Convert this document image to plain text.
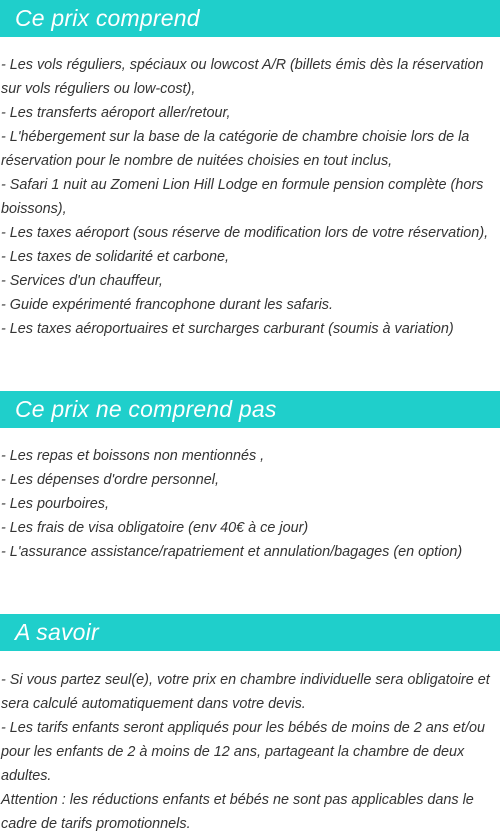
Ce prix comprend
- Les vols réguliers, spéciaux ou lowcost A/R (billets émis dès la réservation sur vols réguliers ou low-cost),
- Les transferts aéroport aller/retour,
- L'hébergement sur la base de la catégorie de chambre choisie lors de la réservation pour le nombre de nuitées choisies en tout inclus,
- Safari 1 nuit au Zomeni Lion Hill Lodge en formule pension complète (hors boissons),
- Les taxes aéroport (sous réserve de modification lors de votre réservation),
- Les taxes de solidarité et carbone,
- Services d'un chauffeur,
- Guide expérimenté francophone durant les safaris.
- Les taxes aéroportuaires et surcharges carburant (soumis à variation)
Ce prix ne comprend pas
- Les repas et boissons non mentionnés ,
- Les dépenses d'ordre personnel,
- Les pourboires,
- Les frais de visa obligatoire (env 40€ à ce jour)
- L'assurance assistance/rapatriement et annulation/bagages (en option)
A savoir
- Si vous partez seul(e), votre prix en chambre individuelle sera obligatoire et sera calculé automatiquement dans votre devis.
- Les tarifs enfants seront appliqués pour les bébés de moins de 2 ans et/ou pour les enfants de 2 à moins de 12 ans, partageant la chambre de deux adultes.
Attention : les réductions enfants et bébés ne sont pas applicables dans le cadre de tarifs promotionnels.
